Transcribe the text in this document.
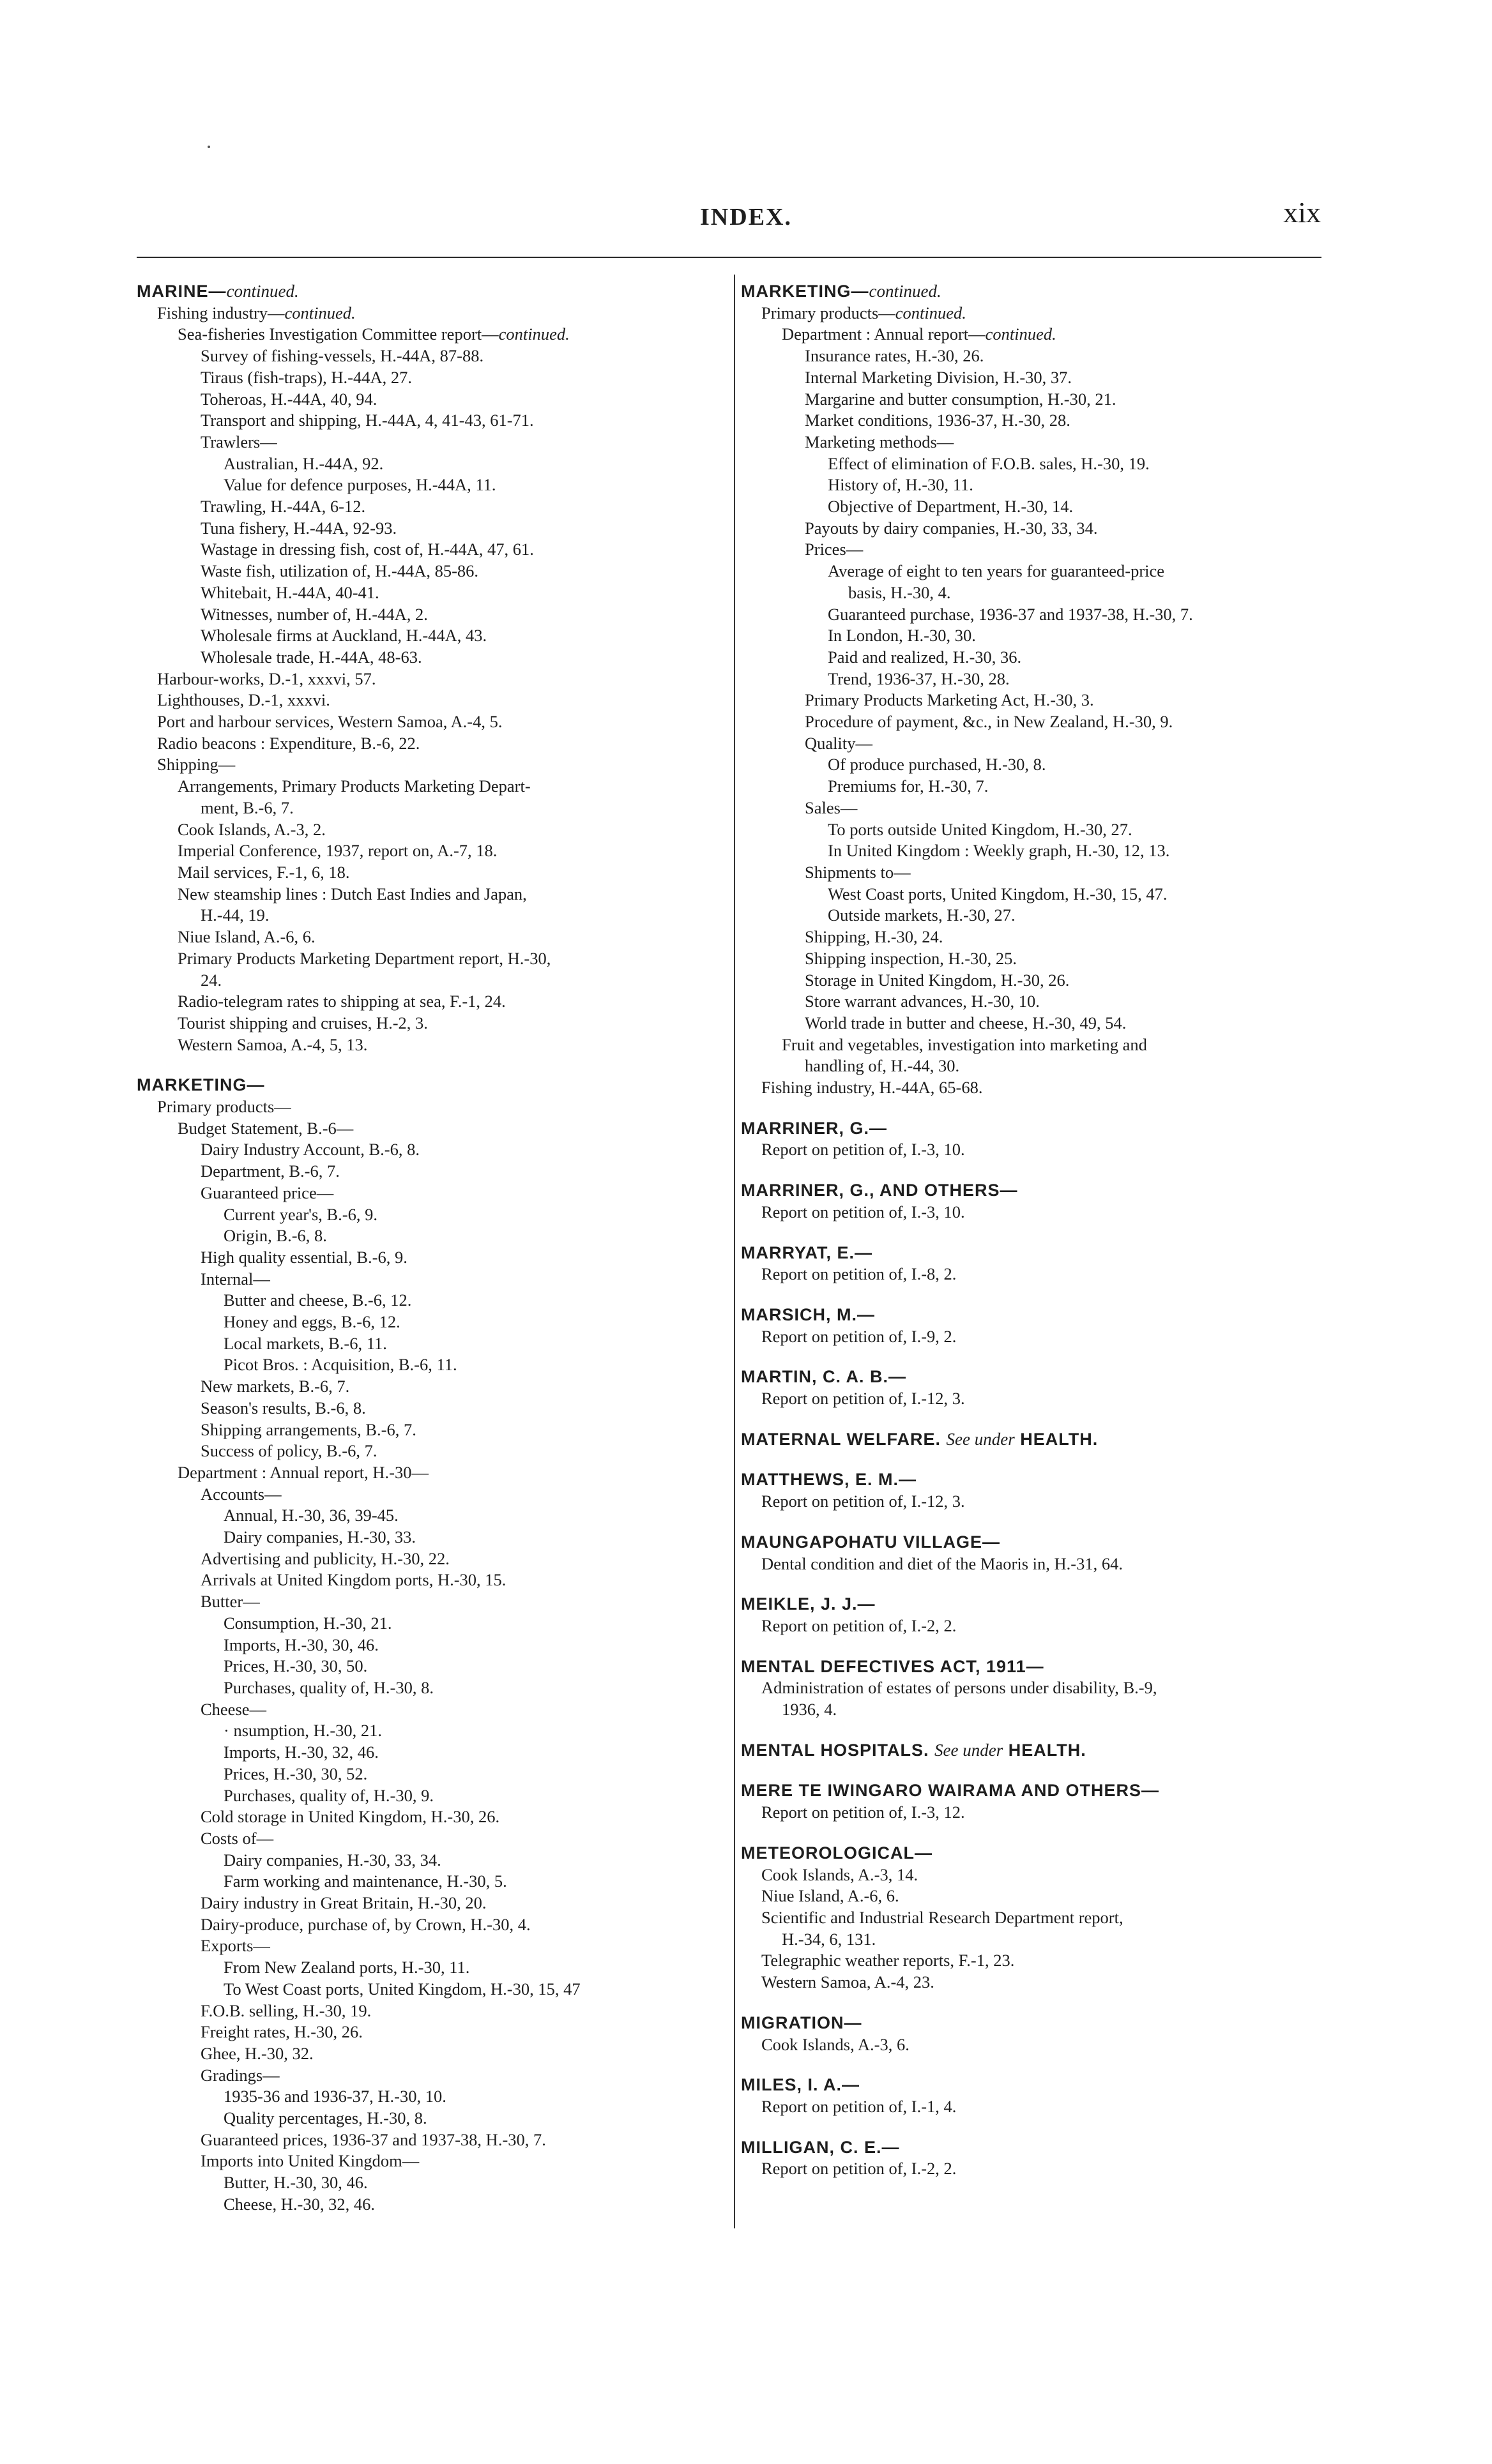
INDEX.	xix
MARINE—continued.
Fishing industry—continued.
Sea-fisheries Investigation Committee report—continued.
Survey of fishing-vessels, H.-44A, 87-88.
Tiraus (fish-traps), H.-44A, 27.
Toheroas, H.-44A, 40, 94.
Transport and shipping, H.-44A, 4, 41-43, 61-71.
Trawlers—
Australian, H.-44A, 92.
Value for defence purposes, H.-44A, 11.
Trawling, H.-44A, 6-12.
Tuna fishery, H.-44A, 92-93.
Wastage in dressing fish, cost of, H.-44A, 47, 61.
Waste fish, utilization of, H.-44A, 85-86.
Whitebait, H.-44A, 40-41.
Witnesses, number of, H.-44A, 2.
Wholesale firms at Auckland, H.-44A, 43.
Wholesale trade, H.-44A, 48-63.
Harbour-works, D.-1, xxxvi, 57.
Lighthouses, D.-1, xxxvi.
Port and harbour services, Western Samoa, A.-4, 5.
Radio beacons : Expenditure, B.-6, 22.
Shipping—
Arrangements, Primary Products Marketing Depart-
ment, B.-6, 7.
Cook Islands, A.-3, 2.
Imperial Conference, 1937, report on, A.-7, 18.
Mail services, F.-1, 6, 18.
New steamship lines : Dutch East Indies and Japan,
H.-44, 19.
Niue Island, A.-6, 6.
Primary Products Marketing Department report, H.-30,
24.
Radio-telegram rates to shipping at sea, F.-1, 24.
Tourist shipping and cruises, H.-2, 3.
Western Samoa, A.-4, 5, 13.
MARKETING—
Primary products—
Budget Statement, B.-6—
Dairy Industry Account, B.-6, 8.
Department, B.-6, 7.
Guaranteed price—
Current year's, B.-6, 9.
Origin, B.-6, 8.
High quality essential, B.-6, 9.
Internal—
Butter and cheese, B.-6, 12.
Honey and eggs, B.-6, 12.
Local markets, B.-6, 11.
Picot Bros. : Acquisition, B.-6, 11.
New markets, B.-6, 7.
Season's results, B.-6, 8.
Shipping arrangements, B.-6, 7.
Success of policy, B.-6, 7.
Department : Annual report, H.-30—
Accounts—
Annual, H.-30, 36, 39-45.
Dairy companies, H.-30, 33.
Advertising and publicity, H.-30, 22.
Arrivals at United Kingdom ports, H.-30, 15.
Butter—
Consumption, H.-30, 21.
Imports, H.-30, 30, 46.
Prices, H.-30, 30, 50.
Purchases, quality of, H.-30, 8.
Cheese—
· nsumption, H.-30, 21.
Imports, H.-30, 32, 46.
Prices, H.-30, 30, 52.
Purchases, quality of, H.-30, 9.
Cold storage in United Kingdom, H.-30, 26.
Costs of—
Dairy companies, H.-30, 33, 34.
Farm working and maintenance, H.-30, 5.
Dairy industry in Great Britain, H.-30, 20.
Dairy-produce, purchase of, by Crown, H.-30, 4.
Exports—
From New Zealand ports, H.-30, 11.
To West Coast ports, United Kingdom, H.-30, 15, 47
F.O.B. selling, H.-30, 19.
Freight rates, H.-30, 26.
Ghee, H.-30, 32.
Gradings—
1935-36 and 1936-37, H.-30, 10.
Quality percentages, H.-30, 8.
Guaranteed prices, 1936-37 and 1937-38, H.-30, 7.
Imports into United Kingdom—
Butter, H.-30, 30, 46.
Cheese, H.-30, 32, 46.
MARKETING—continued.
Primary products—continued.
Department : Annual report—continued.
Insurance rates, H.-30, 26.
Internal Marketing Division, H.-30, 37.
Margarine and butter consumption, H.-30, 21.
Market conditions, 1936-37, H.-30, 28.
Marketing methods—
Effect of elimination of F.O.B. sales, H.-30, 19.
History of, H.-30, 11.
Objective of Department, H.-30, 14.
Payouts by dairy companies, H.-30, 33, 34.
Prices—
Average of eight to ten years for guaranteed-price
basis, H.-30, 4.
Guaranteed purchase, 1936-37 and 1937-38, H.-30, 7.
In London, H.-30, 30.
Paid and realized, H.-30, 36.
Trend, 1936-37, H.-30, 28.
Primary Products Marketing Act, H.-30, 3.
Procedure of payment, &c., in New Zealand, H.-30, 9.
Quality—
Of produce purchased, H.-30, 8.
Premiums for, H.-30, 7.
Sales—
To ports outside United Kingdom, H.-30, 27.
In United Kingdom : Weekly graph, H.-30, 12, 13.
Shipments to—
West Coast ports, United Kingdom, H.-30, 15, 47.
Outside markets, H.-30, 27.
Shipping, H.-30, 24.
Shipping inspection, H.-30, 25.
Storage in United Kingdom, H.-30, 26.
Store warrant advances, H.-30, 10.
World trade in butter and cheese, H.-30, 49, 54.
Fruit and vegetables, investigation into marketing and
handling of, H.-44, 30.
Fishing industry, H.-44A, 65-68.
MARRINER, G.—
Report on petition of, I.-3, 10.
MARRINER, G., AND OTHERS—
Report on petition of, I.-3, 10.
MARRYAT, E.—
Report on petition of, I.-8, 2.
MARSICH, M.—
Report on petition of, I.-9, 2.
MARTIN, C. A. B.—
Report on petition of, I.-12, 3.
MATERNAL WELFARE. See under HEALTH.
MATTHEWS, E. M.—
Report on petition of, I.-12, 3.
MAUNGAPOHATU VILLAGE—
Dental condition and diet of the Maoris in, H.-31, 64.
MEIKLE, J. J.—
Report on petition of, I.-2, 2.
MENTAL DEFECTIVES ACT, 1911—
Administration of estates of persons under disability, B.-9,
1936, 4.
MENTAL HOSPITALS. See under HEALTH.
MERE TE IWINGARO WAIRAMA AND OTHERS—
Report on petition of, I.-3, 12.
METEOROLOGICAL—
Cook Islands, A.-3, 14.
Niue Island, A.-6, 6.
Scientific and Industrial Research Department report,
H.-34, 6, 131.
Telegraphic weather reports, F.-1, 23.
Western Samoa, A.-4, 23.
MIGRATION—
Cook Islands, A.-3, 6.
MILES, I. A.—
Report on petition of, I.-1, 4.
MILLIGAN, C. E.—
Report on petition of, I.-2, 2.
